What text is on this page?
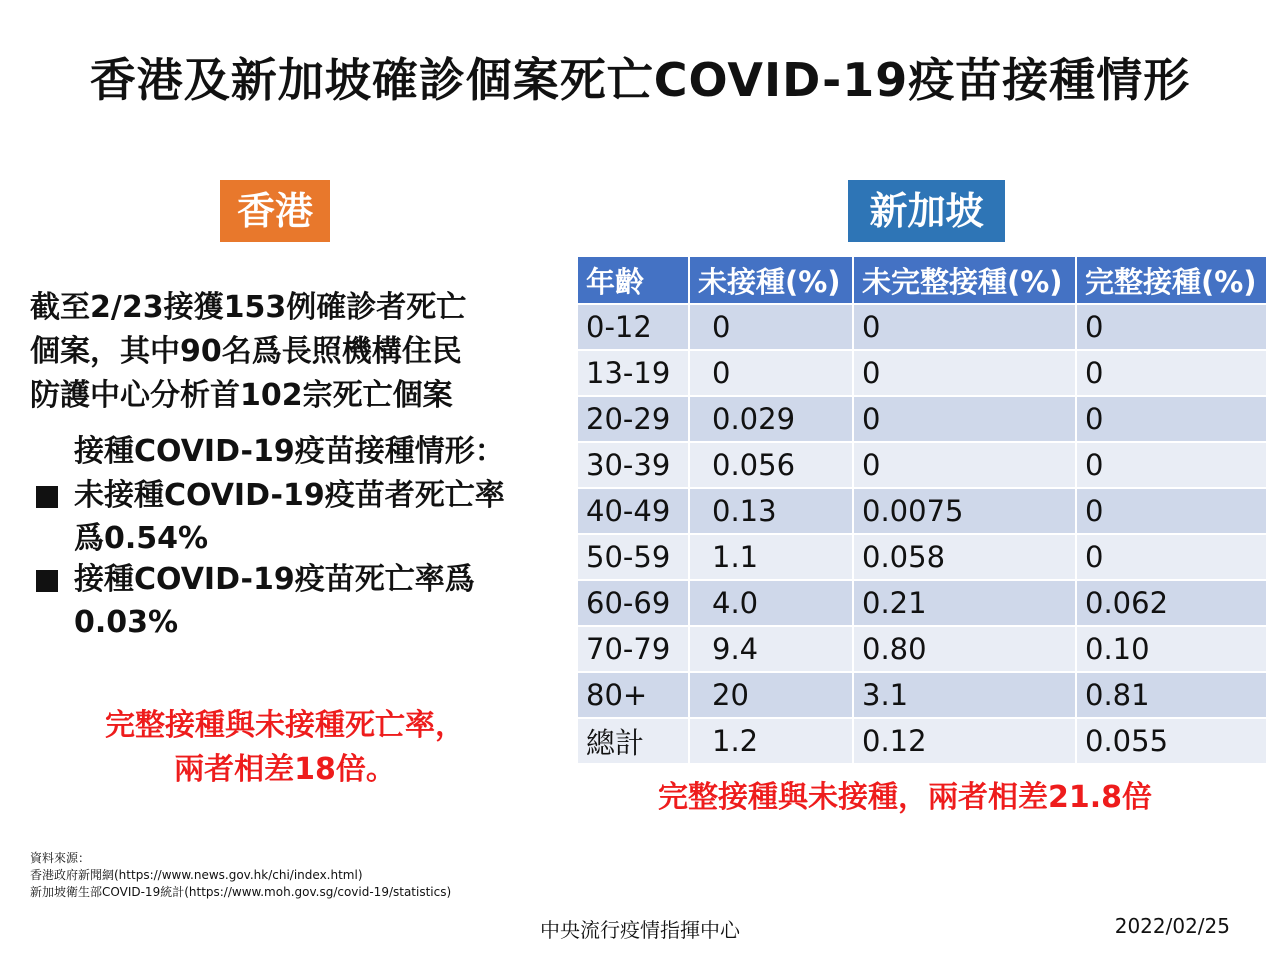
香港及新加坡確診個案死亡COVID-19疫苗接種情形
香港	新加坡
截至2/23接獲153例確診者死亡
個案，其中90名爲長照機構住民
防護中心分析首102宗死亡個案
接種COVID-19疫苗接種情形：
未接種COVID-19疫苗者死亡率爲0.54%
接種COVID-19疫苗死亡率爲0.03%
完整接種與未接種死亡率，
兩者相差18倍。
年齡	未接種(%)	未完整接種(%)	完整接種(%)
0-12	0	0	0
13-19	0	0	0
20-29	0.029	0	0
30-39	0.056	0	0
40-49	0.13	0.0075	0
50-59	1.1	0.058	0
60-69	4.0	0.21	0.062
70-79	9.4	0.80	0.10
80+	20	3.1	0.81
總計	1.2	0.12	0.055
完整接種與未接種，兩者相差21.8倍
資料來源：
香港政府新聞網(https://www.news.gov.hk/chi/index.html)
新加坡衛生部COVID-19統計(https://www.moh.gov.sg/covid-19/statistics)
中央流行疫情指揮中心	2022/02/25
